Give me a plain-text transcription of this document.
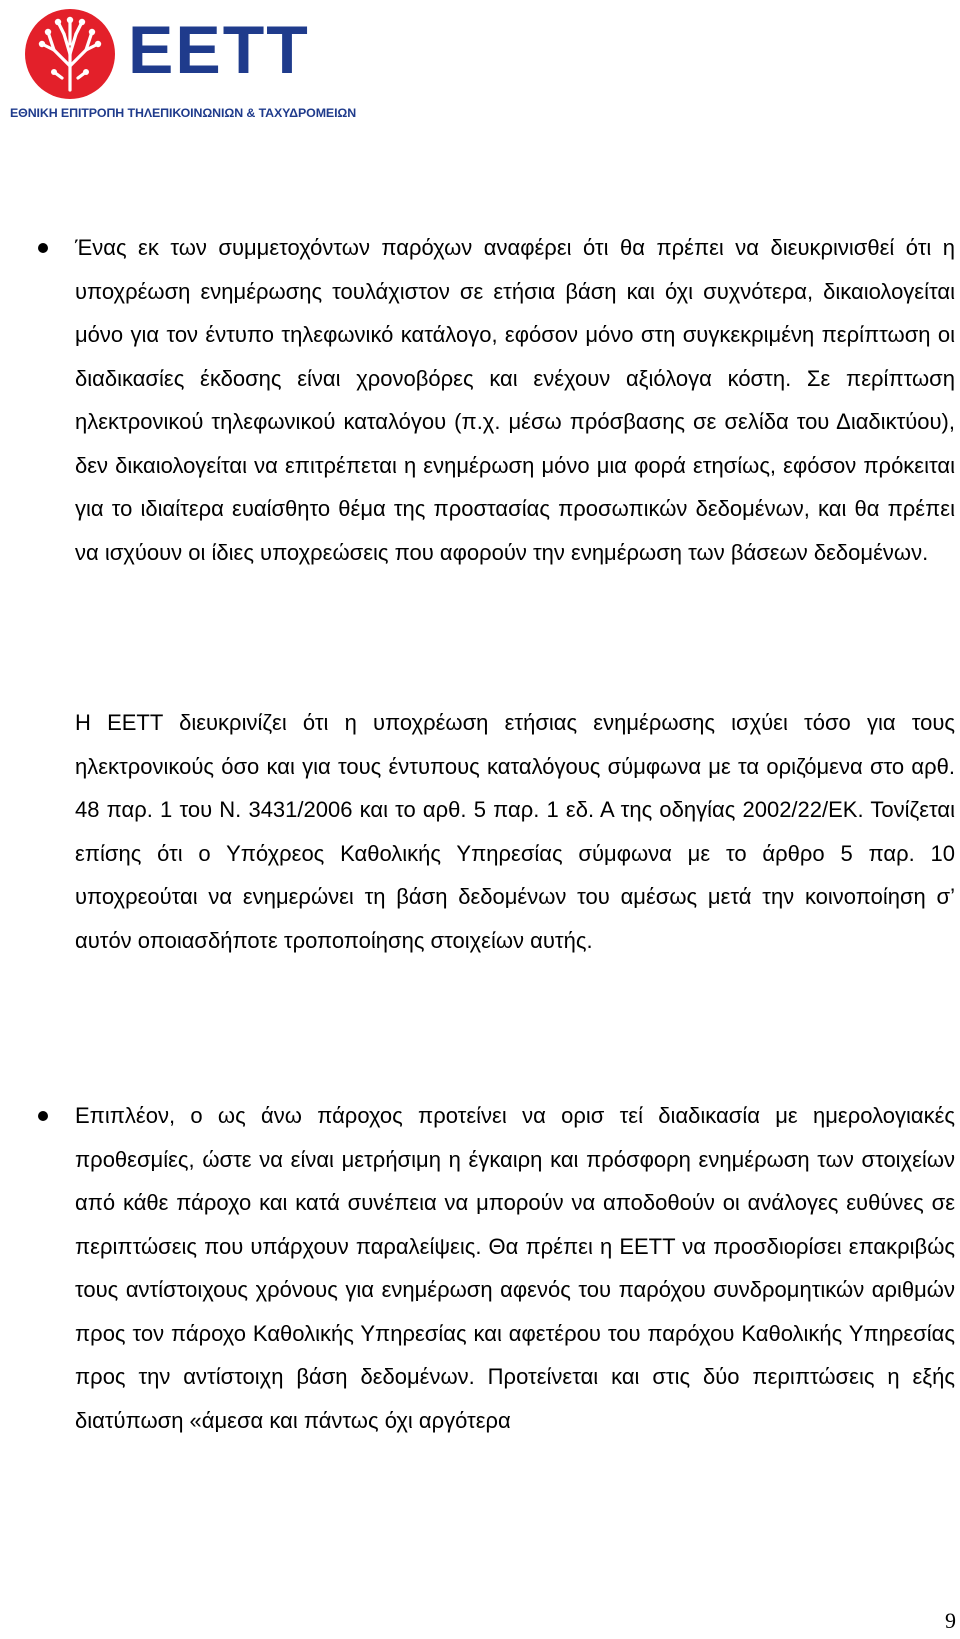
ΕΕΤΤ
ΕΘΝΙΚΗ ΕΠΙΤΡΟΠΗ ΤΗΛΕΠΙΚΟΙΝΩΝΙΩΝ & ΤΑΧΥΔΡΟΜΕΙΩΝ

Ένας εκ των συμμετοχόντων παρόχων αναφέρει ότι θα πρέπει να διευκρινισθεί ότι η υποχρέωση ενημέρωσης τουλάχιστον σε ετήσια βάση και όχι συχνότερα, δικαιολογείται μόνο για τον έντυπο τηλεφωνικό κατάλογο, εφόσον μόνο στη συγκεκριμένη περίπτωση οι διαδικασίες έκδοσης είναι χρονοβόρες και ενέχουν αξιόλογα κόστη. Σε περίπτωση ηλεκτρονικού τηλεφωνικού καταλόγου (π.χ. μέσω πρόσβασης σε σελίδα του Διαδικτύου), δεν δικαιολογείται να επιτρέπεται η ενημέρωση μόνο μια φορά ετησίως, εφόσον πρόκειται για το ιδιαίτερα ευαίσθητο θέμα της προστασίας προσωπικών δεδομένων, και θα πρέπει να ισχύουν οι ίδιες υποχρεώσεις που αφορούν την ενημέρωση των βάσεων δεδομένων.

Η ΕΕΤΤ διευκρινίζει ότι η υποχρέωση ετήσιας ενημέρωσης ισχύει τόσο για τους ηλεκτρονικούς όσο και για τους έντυπους καταλόγους σύμφωνα με τα οριζόμενα στο αρθ. 48 παρ. 1 του Ν. 3431/2006 και το αρθ. 5 παρ. 1 εδ. Α της οδηγίας 2002/22/ΕΚ. Τονίζεται επίσης ότι ο Υπόχρεος Καθολικής Υπηρεσίας σύμφωνα με το άρθρο 5 παρ. 10 υποχρεούται να ενημερώνει τη βάση δεδομένων του αμέσως μετά την κοινοποίηση σ’ αυτόν οποιασδήποτε τροποποίησης στοιχείων αυτής.

Επιπλέον, ο ως άνω πάροχος προτείνει να ορισ τεί διαδικασία με ημερολογιακές προθεσμίες, ώστε να είναι μετρήσιμη η έγκαιρη και πρόσφορη ενημέρωση των στοιχείων από κάθε πάροχο και κατά συνέπεια να μπορούν να αποδοθούν οι ανάλογες ευθύνες σε περιπτώσεις που υπάρχουν παραλείψεις. Θα πρέπει η ΕΕΤΤ να προσδιορίσει επακριβώς τους αντίστοιχους χρόνους για ενημέρωση αφενός του παρόχου συνδρομητικών αριθμών προς τον πάροχο Καθολικής Υπηρεσίας και αφετέρου του παρόχου Καθολικής Υπηρεσίας προς την αντίστοιχη βάση δεδομένων. Προτείνεται και στις δύο περιπτώσεις η εξής διατύπωση «άμεσα και πάντως όχι αργότερα

9
